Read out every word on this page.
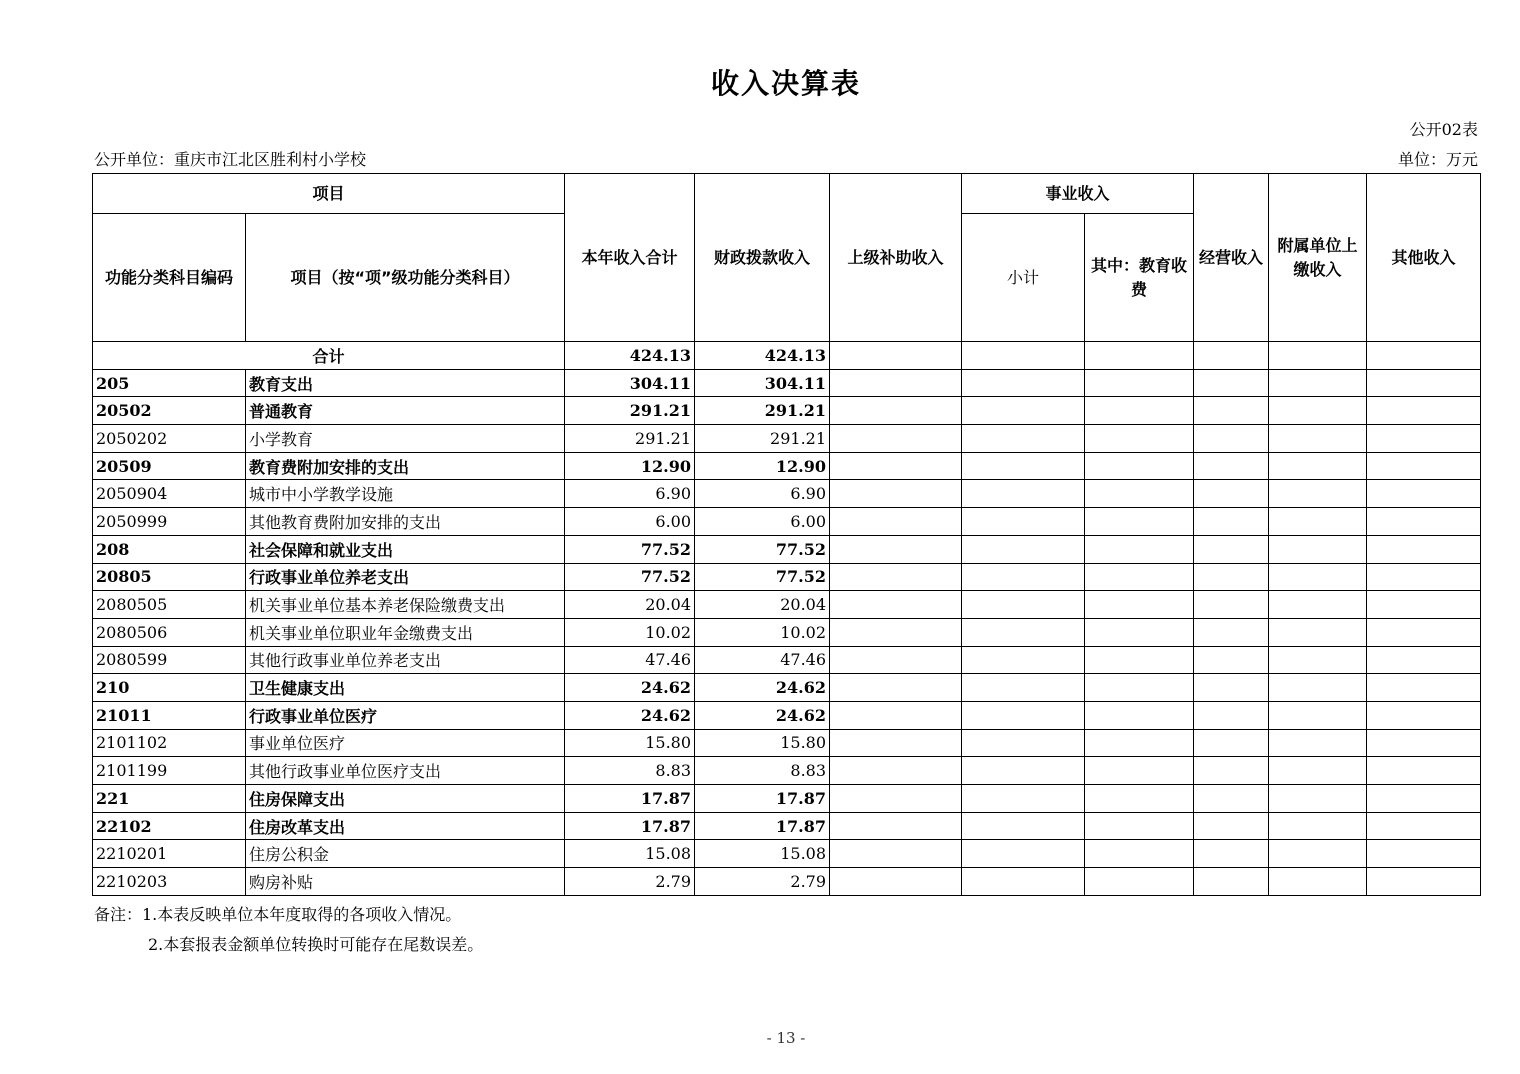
收入决算表
公开02表
公开单位：重庆市江北区胜利村小学校	单位：万元
项目		本年收入合计	财政拨款收入	上级补助收入	事业收入		经营收入	附属单位上缴收入	其他收入
功能分类科目编码	项目（按“项”级功能分类科目）				小计	其中：教育收费			
合计		424.13	424.13						
205	教育支出	304.11	304.11						
20502	普通教育	291.21	291.21						
2050202	小学教育	291.21	291.21						
20509	教育费附加安排的支出	12.90	12.90						
2050904	城市中小学教学设施	6.90	6.90						
2050999	其他教育费附加安排的支出	6.00	6.00						
208	社会保障和就业支出	77.52	77.52						
20805	行政事业单位养老支出	77.52	77.52						
2080505	机关事业单位基本养老保险缴费支出	20.04	20.04						
2080506	机关事业单位职业年金缴费支出	10.02	10.02						
2080599	其他行政事业单位养老支出	47.46	47.46						
210	卫生健康支出	24.62	24.62						
21011	行政事业单位医疗	24.62	24.62						
2101102	事业单位医疗	15.80	15.80						
2101199	其他行政事业单位医疗支出	8.83	8.83						
221	住房保障支出	17.87	17.87						
22102	住房改革支出	17.87	17.87						
2210201	住房公积金	15.08	15.08						
2210203	购房补贴	2.79	2.79						
备注：1.本表反映单位本年度取得的各项收入情况。
2.本套报表金额单位转换时可能存在尾数误差。
- 13 -
